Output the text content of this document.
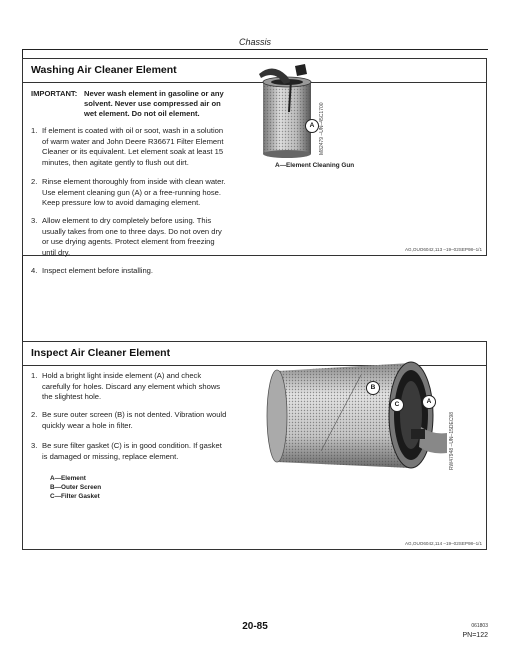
Chassis
Washing Air Cleaner Element
IMPORTANT: Never wash element in gasoline or any
solvent. Never use compressed air on
wet element. Do not oil element.
1. If element is coated with oil or soot, wash in a solution
of warm water and John Deere R36671 Filter Element
Cleaner or its equivalent. Let element soak at least 15
minutes, then agitate gently to flush out dirt.
2. Rinse element thoroughly from inside with clean water.
Use element cleaning gun (A) or a free-running hose.
Keep pressure low to avoid damaging element.
3. Allow element to dry completely before using. This
usually takes from one to three days. Do not oven dry
or use drying agents. Protect element from freezing
until dry.
4. Inspect element before installing.
A M82479 –UN–45C1700
A—Element Cleaning Gun
AG,OUO6042,113 –19–02SEP98–1/1
Inspect Air Cleaner Element
1. Hold a bright light inside element (A) and check
carefully for holes. Discard any element which shows
the slightest hole.
2. Be sure outer screen (B) is not dented. Vibration would
quickly wear a hole in filter.
3. Be sure filter gasket (C) is in good condition. If gasket
is damaged or missing, replace element.
A—Element
B—Outer Screen
C—Filter Gasket
B
C	A
RW47948 –UN–15DEC98
AG,OUO6042,114 –19–02SEP98–1/1
20-85	061803
PN=122
